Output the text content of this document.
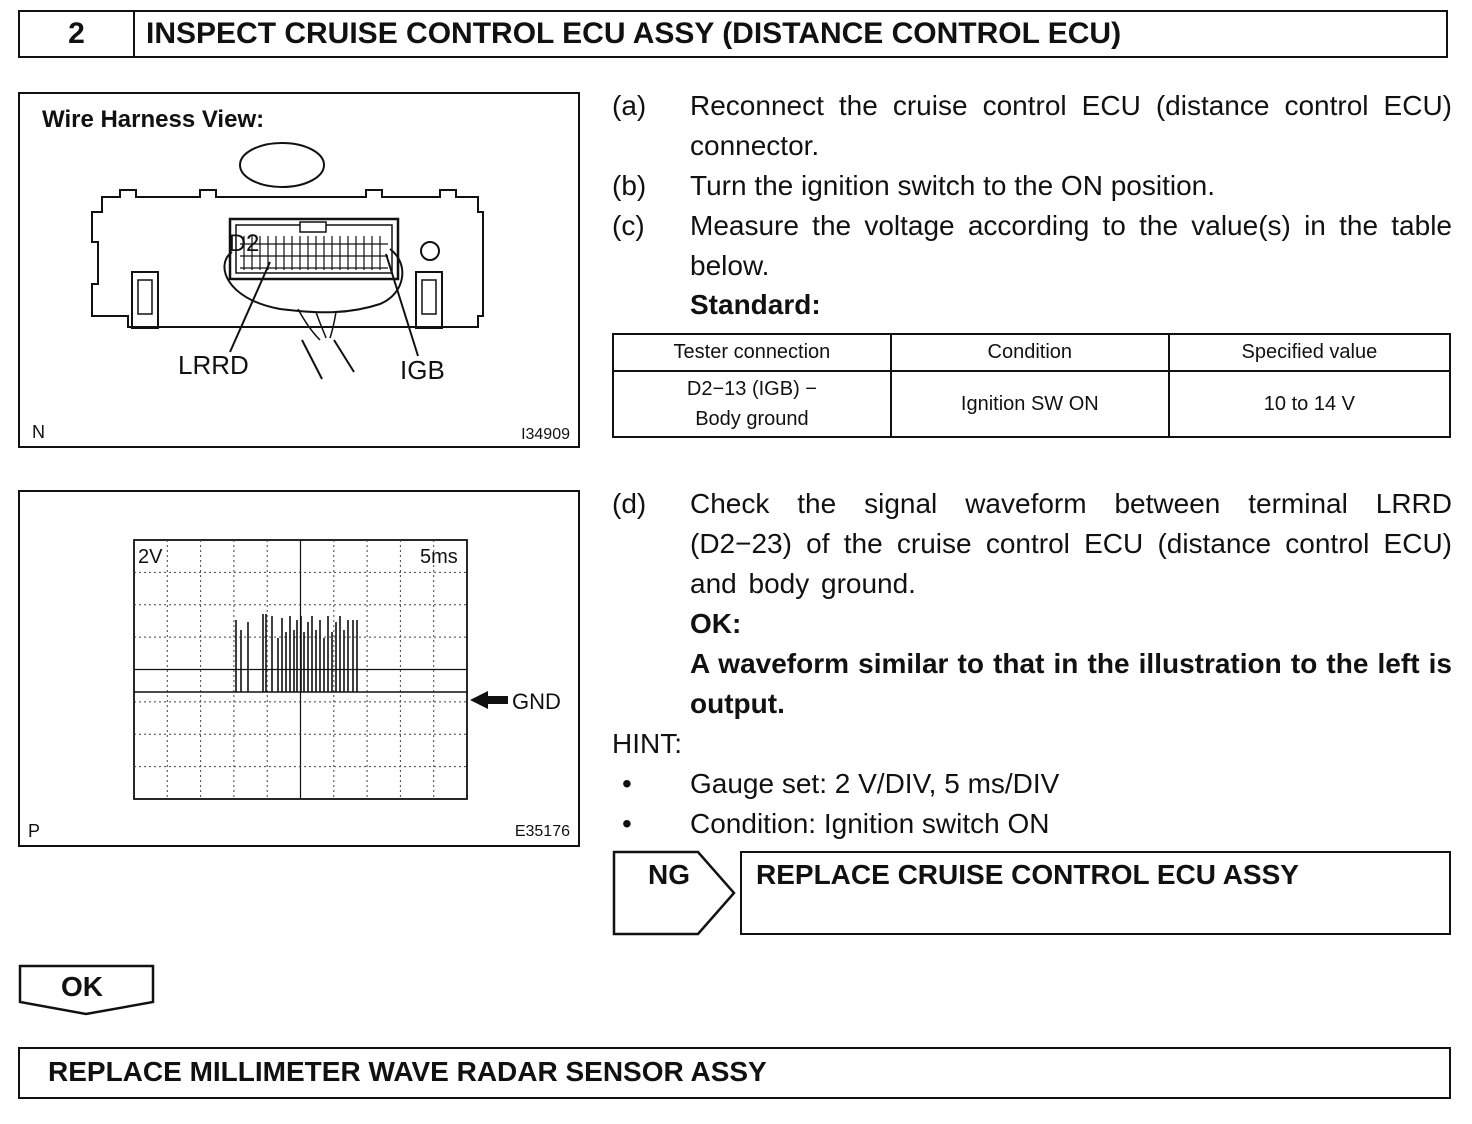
2	INSPECT CRUISE CONTROL ECU ASSY (DISTANCE CONTROL ECU)
Wire Harness View:
D2
LRRD	IGB
N	I34909
(a) Reconnect the cruise control ECU (distance control ECU) connector.
(b) Turn the ignition switch to the ON position.
(c) Measure the voltage according to the value(s) in the table below.
Standard:
Tester connection	Condition	Specified value

D2−13 (IGB) −
Body ground	Ignition SW ON	10 to 14 V
2V	5ms
GND
P	E35176
(d) Check the signal waveform between terminal LRRD (D2−23) of the cruise control ECU (distance control ECU) and body ground.
OK:
A waveform similar to that in the illustration to the left is output.
HINT:
• Gauge set: 2 V/DIV, 5 ms/DIV
• Condition: Ignition switch ON
NG REPLACE CRUISE CONTROL ECU ASSY
OK
REPLACE MILLIMETER WAVE RADAR SENSOR ASSY
